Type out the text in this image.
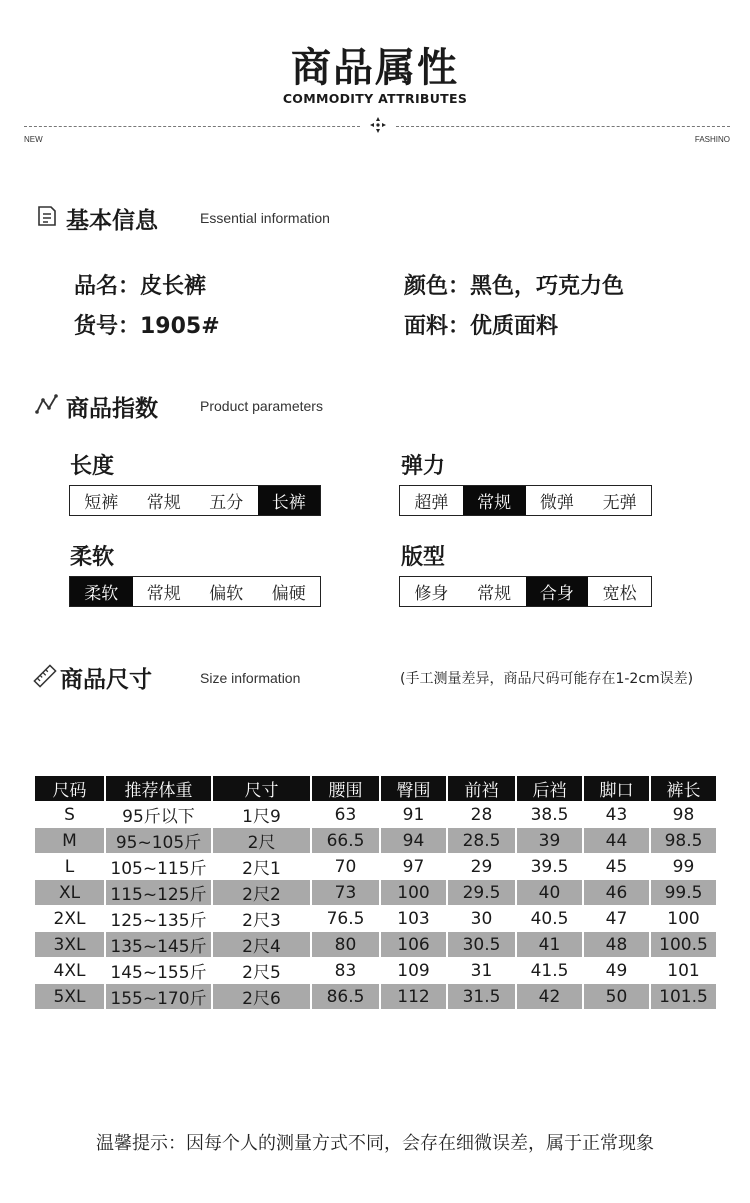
商品属性
COMMODITY ATTRIBUTES
NEW	FASHINO
基本信息	Essential information
品名：皮长裤	颜色：黑色，巧克力色
货号：1905#	面料：优质面料
商品指数	Product parameters
长度
短裤	常规	五分	长裤
弹力
超弹	常规	微弹	无弹
柔软
柔软	常规	偏软	偏硬
版型
修身	常规	合身	宽松
商品尺寸	Size information	(手工测量差异，商品尺码可能存在1-2cm误差)
尺码	推荐体重	尺寸	腰围	臀围	前裆	后裆	脚口	裤长
S	95斤以下	1尺9	63	91	28	38.5	43	98
M	95~105斤	2尺	66.5	94	28.5	39	44	98.5
L	105~115斤	2尺1	70	97	29	39.5	45	99
XL	115~125斤	2尺2	73	100	29.5	40	46	99.5
2XL	125~135斤	2尺3	76.5	103	30	40.5	47	100
3XL	135~145斤	2尺4	80	106	30.5	41	48	100.5
4XL	145~155斤	2尺5	83	109	31	41.5	49	101
5XL	155~170斤	2尺6	86.5	112	31.5	42	50	101.5
温馨提示：因每个人的测量方式不同，会存在细微误差，属于正常现象
